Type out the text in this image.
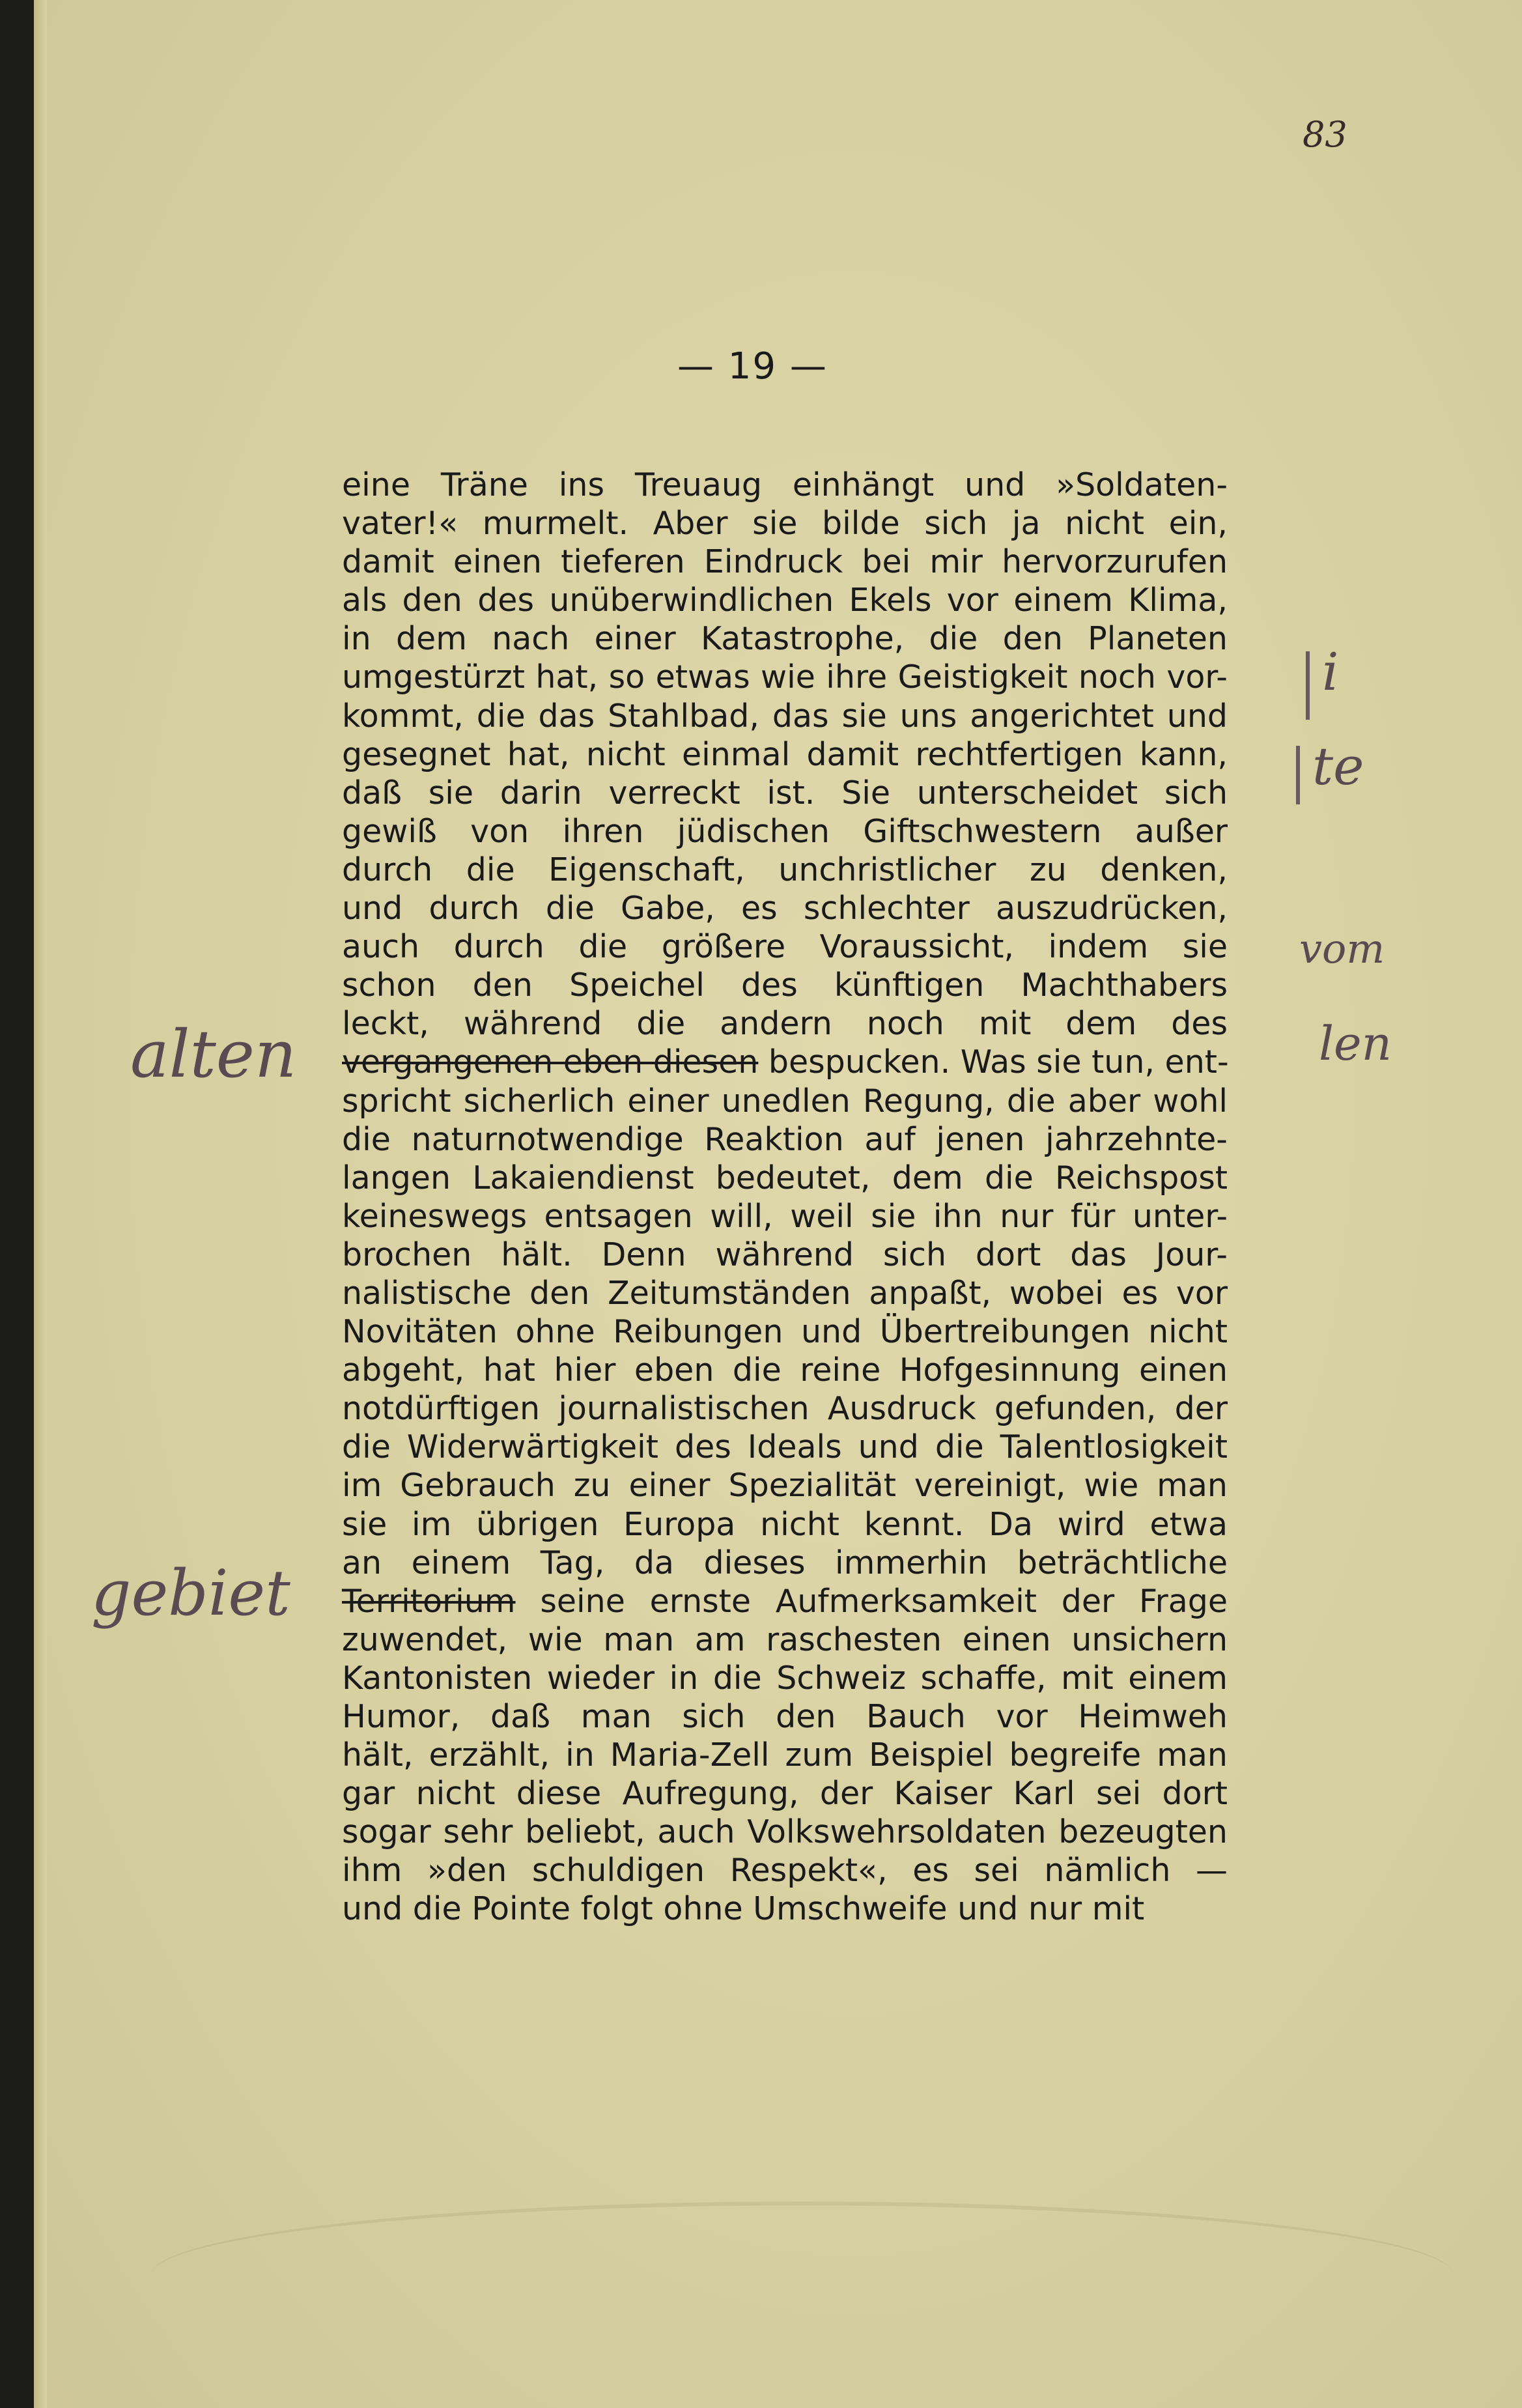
83
— 19 —
eine Träne ins Treuaug einhängt und »Soldaten-
vater!« murmelt. Aber sie bilde sich ja nicht ein,
damit einen tieferen Eindruck bei mir hervorzurufen
als den des unüberwindlichen Ekels vor einem Klima,
in dem nach einer Katastrophe, die den Planeten
umgestürzt hat, so etwas wie ihre Geistigkeit noch vor-
kommt, die das Stahlbad, das sie uns angerichtet und
gesegnet hat, nicht einmal damit rechtfertigen kann,
daß sie darin verreckt ist. Sie unterscheidet sich
gewiß von ihren jüdischen Giftschwestern außer
durch die Eigenschaft, unchristlicher zu denken,
und durch die Gabe, es schlechter auszudrücken,
auch durch die größere Voraussicht, indem sie
schon den Speichel des künftigen Machthabers
leckt, während die andern noch mit dem des
vergangenen eben diesen bespucken. Was sie tun, ent-
spricht sicherlich einer unedlen Regung, die aber wohl
die naturnotwendige Reaktion auf jenen jahrzehnte-
langen Lakaiendienst bedeutet, dem die Reichspost
keineswegs entsagen will, weil sie ihn nur für unter-
brochen hält. Denn während sich dort das Jour-
nalistische den Zeitumständen anpaßt, wobei es vor
Novitäten ohne Reibungen und Übertreibungen nicht
abgeht, hat hier eben die reine Hofgesinnung einen
notdürftigen journalistischen Ausdruck gefunden, der
die Widerwärtigkeit des Ideals und die Talentlosigkeit
im Gebrauch zu einer Spezialität vereinigt, wie man
sie im übrigen Europa nicht kennt. Da wird etwa
an einem Tag, da dieses immerhin beträchtliche
Territorium seine ernste Aufmerksamkeit der Frage
zuwendet, wie man am raschesten einen unsichern
Kantonisten wieder in die Schweiz schaffe, mit einem
Humor, daß man sich den Bauch vor Heimweh
hält, erzählt, in Maria-Zell zum Beispiel begreife man
gar nicht diese Aufregung, der Kaiser Karl sei dort
sogar sehr beliebt, auch Volkswehrsoldaten bezeugten
ihm »den schuldigen Respekt«, es sei nämlich —
und die Pointe folgt ohne Umschweife und nur mit
i
te
vom
len
alten
gebiet
